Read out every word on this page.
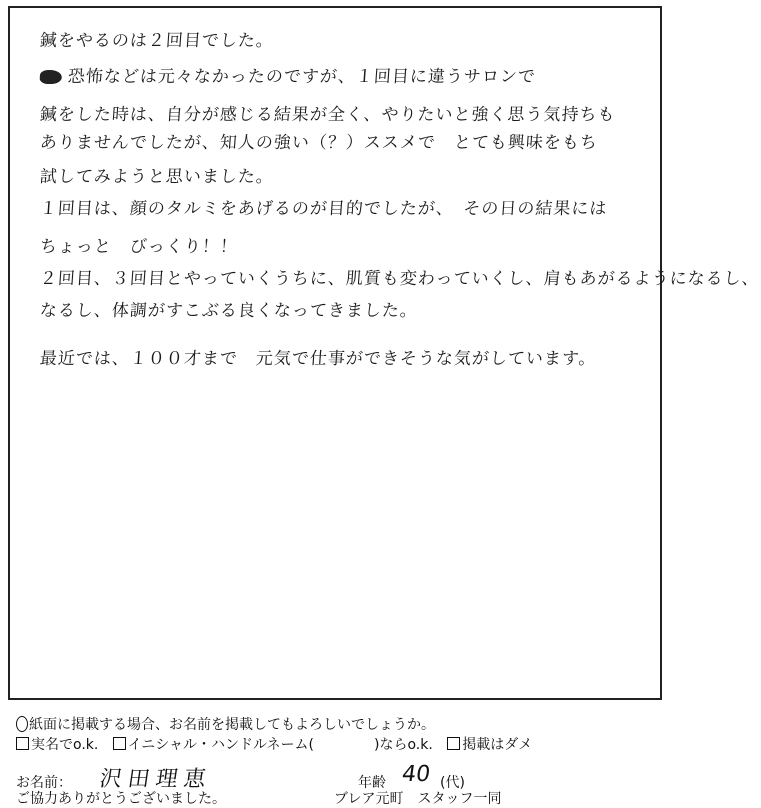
鍼をやるのは２回目でした。
恐怖などは元々なかったのですが、１回目に違うサロンで
鍼をした時は、自分が感じる結果が全く、やりたいと強く思う気持ちも
ありませんでしたが、知人の強い（？）ススメで　とても興味をもち
試してみようと思いました。
１回目は、顔のタルミをあげるのが目的でしたが、　その日の結果には
ちょっと　びっくり！！
２回目、３回目とやっていくうちに、肌質も変わっていくし、肩もあがるようになるし、
なるし、体調がすこぶる良くなってきました。
最近では、１００才まで　元気で仕事ができそうな気がしています。
紙面に掲載する場合、お名前を掲載してもよろしいでしょうか。
実名でo.k. イニシャル・ハンドルネーム(	)ならo.k. 掲載はダメ
お名前： 沢田理恵	年齢 40 (代)
ご協力ありがとうございました。	ブレア元町　スタッフ一同
